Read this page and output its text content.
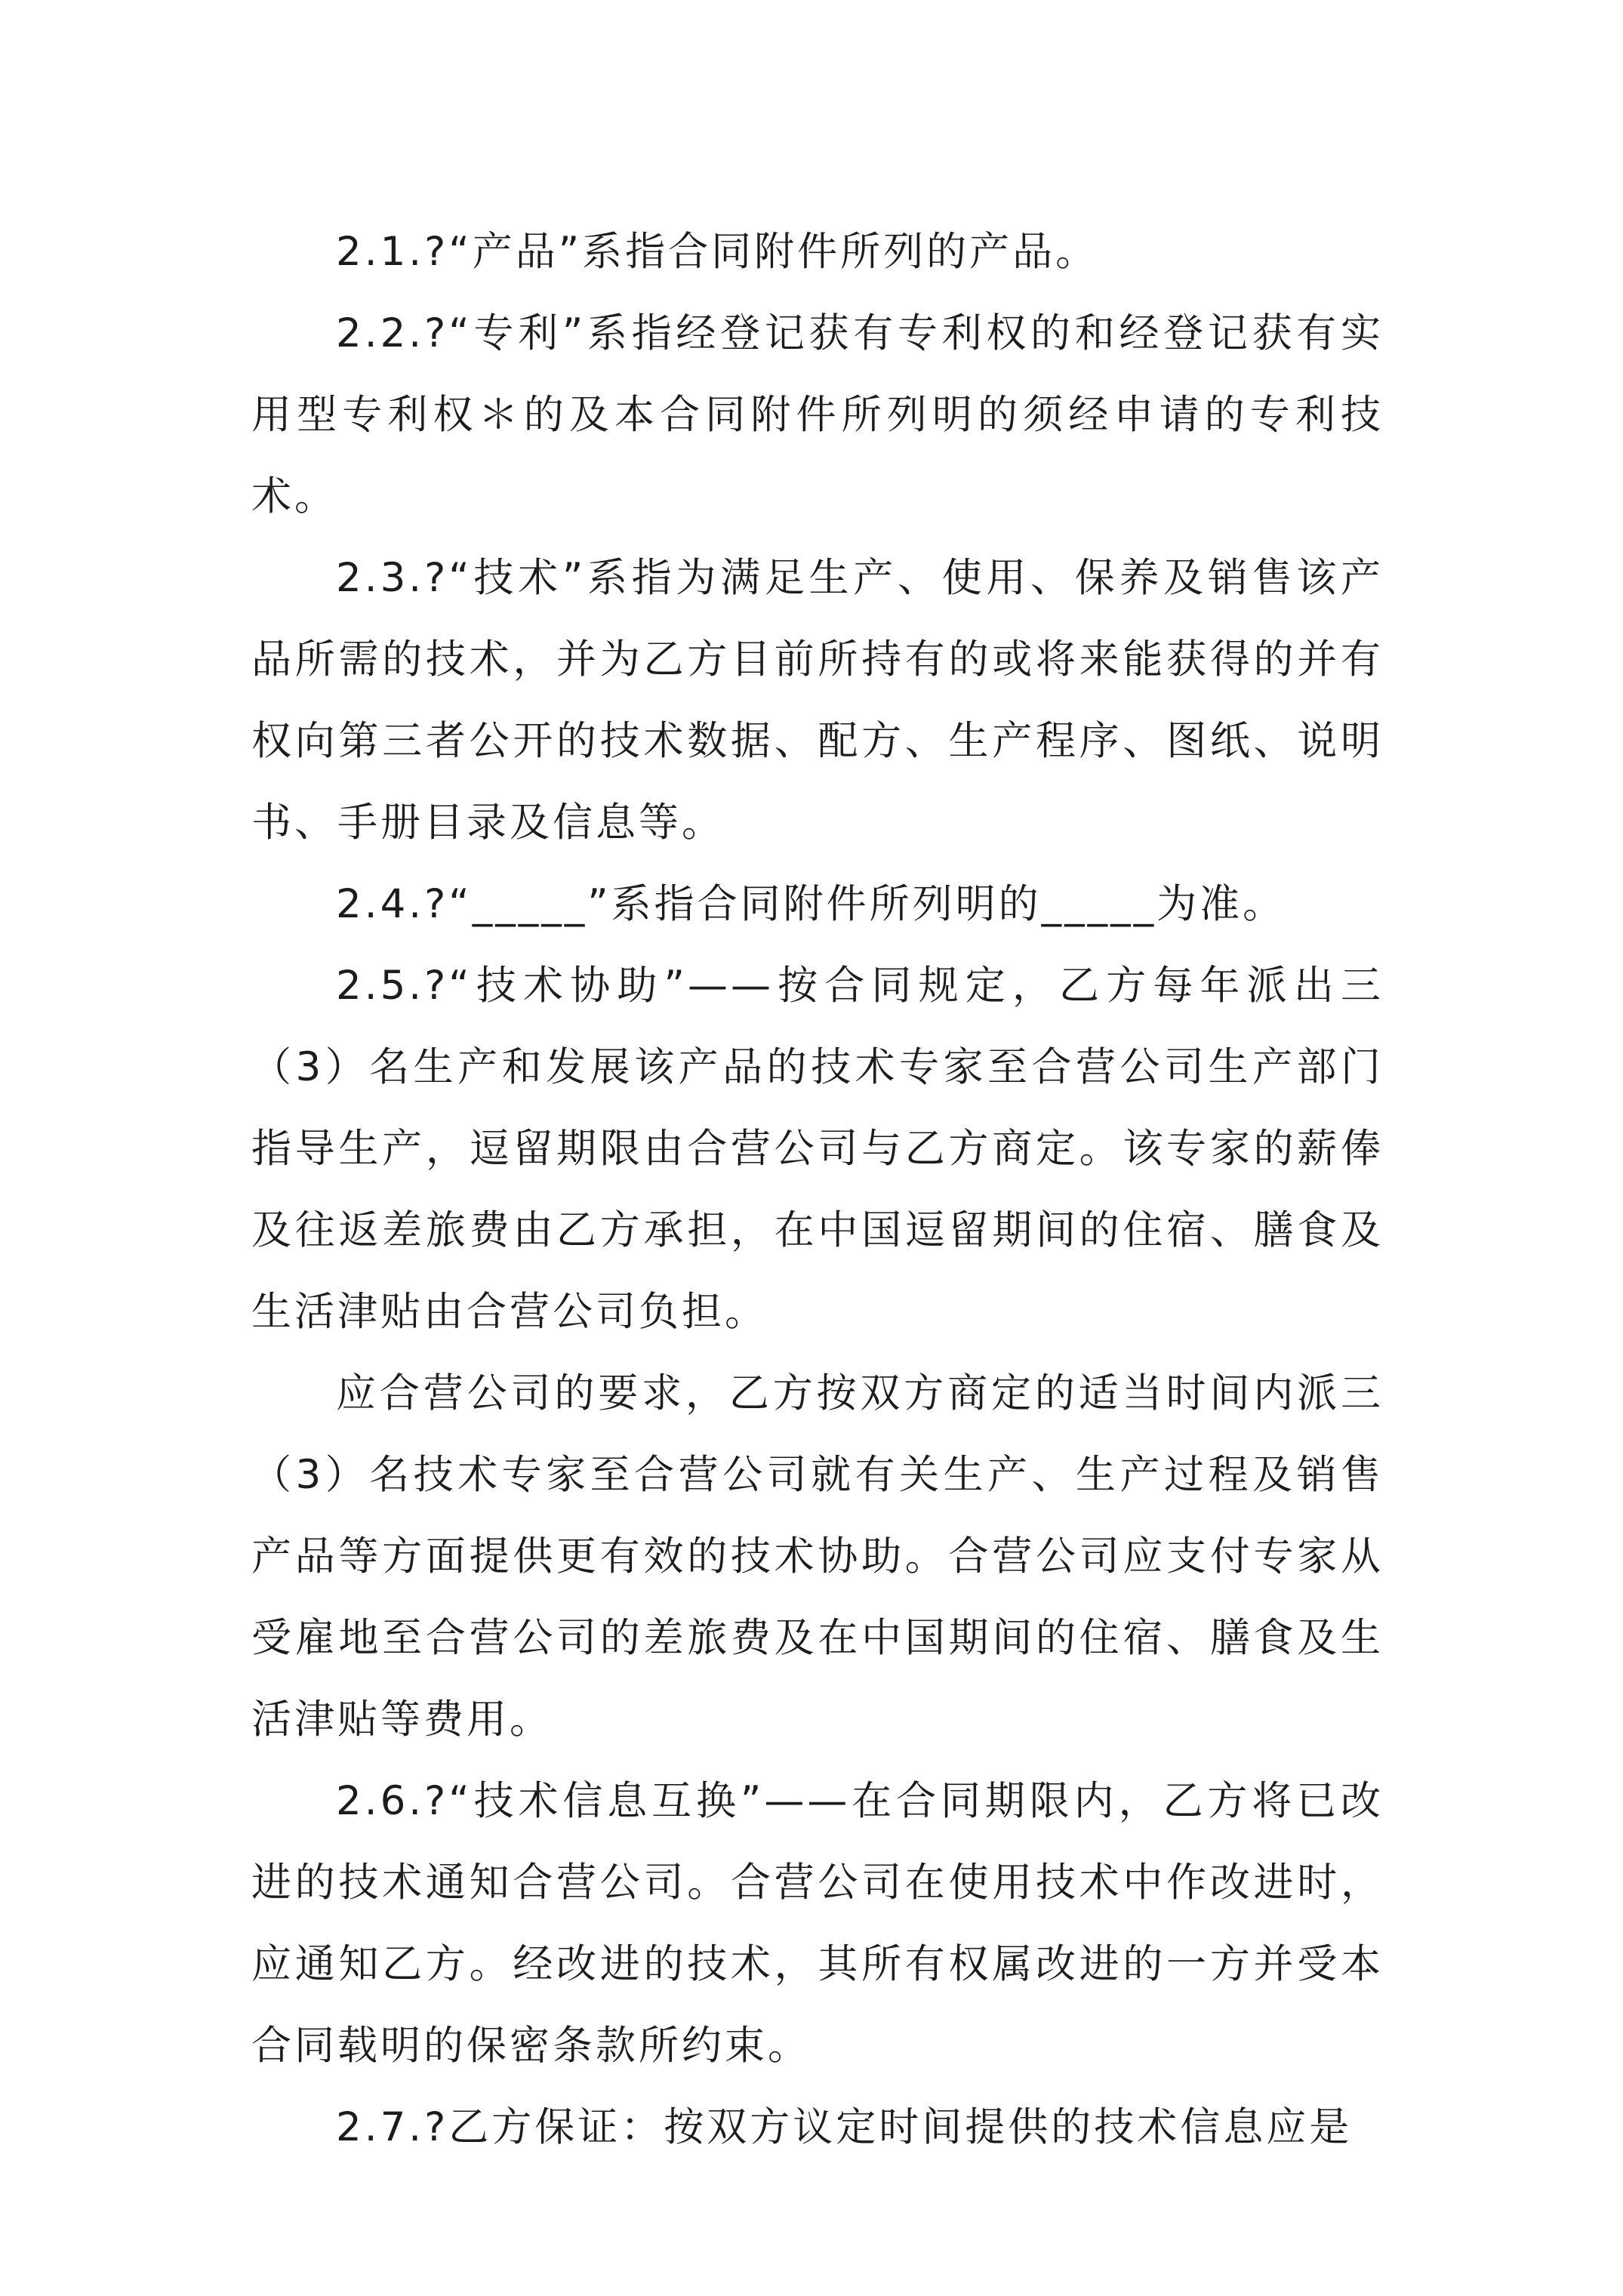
2.1.?“产品”系指合同附件所列的产品。

2.2.?“专利”系指经登记获有专利权的和经登记获有实用型专利权＊的及本合同附件所列明的须经申请的专利技术。

2.3.?“技术”系指为满足生产、使用、保养及销售该产品所需的技术，并为乙方目前所持有的或将来能获得的并有权向第三者公开的技术数据、配方、生产程序、图纸、说明书、手册目录及信息等。

2.4.?“_____”系指合同附件所列明的_____为准。

2.5.?“技术协助”——按合同规定，乙方每年派出三（3）名生产和发展该产品的技术专家至合营公司生产部门指导生产，逗留期限由合营公司与乙方商定。该专家的薪俸及往返差旅费由乙方承担，在中国逗留期间的住宿、膳食及生活津贴由合营公司负担。

应合营公司的要求，乙方按双方商定的适当时间内派三（3）名技术专家至合营公司就有关生产、生产过程及销售产品等方面提供更有效的技术协助。合营公司应支付专家从受雇地至合营公司的差旅费及在中国期间的住宿、膳食及生活津贴等费用。

2.6.?“技术信息互换”——在合同期限内，乙方将已改进的技术通知合营公司。合营公司在使用技术中作改进时，应通知乙方。经改进的技术，其所有权属改进的一方并受本合同载明的保密条款所约束。

2.7.?乙方保证：按双方议定时间提供的技术信息应是
